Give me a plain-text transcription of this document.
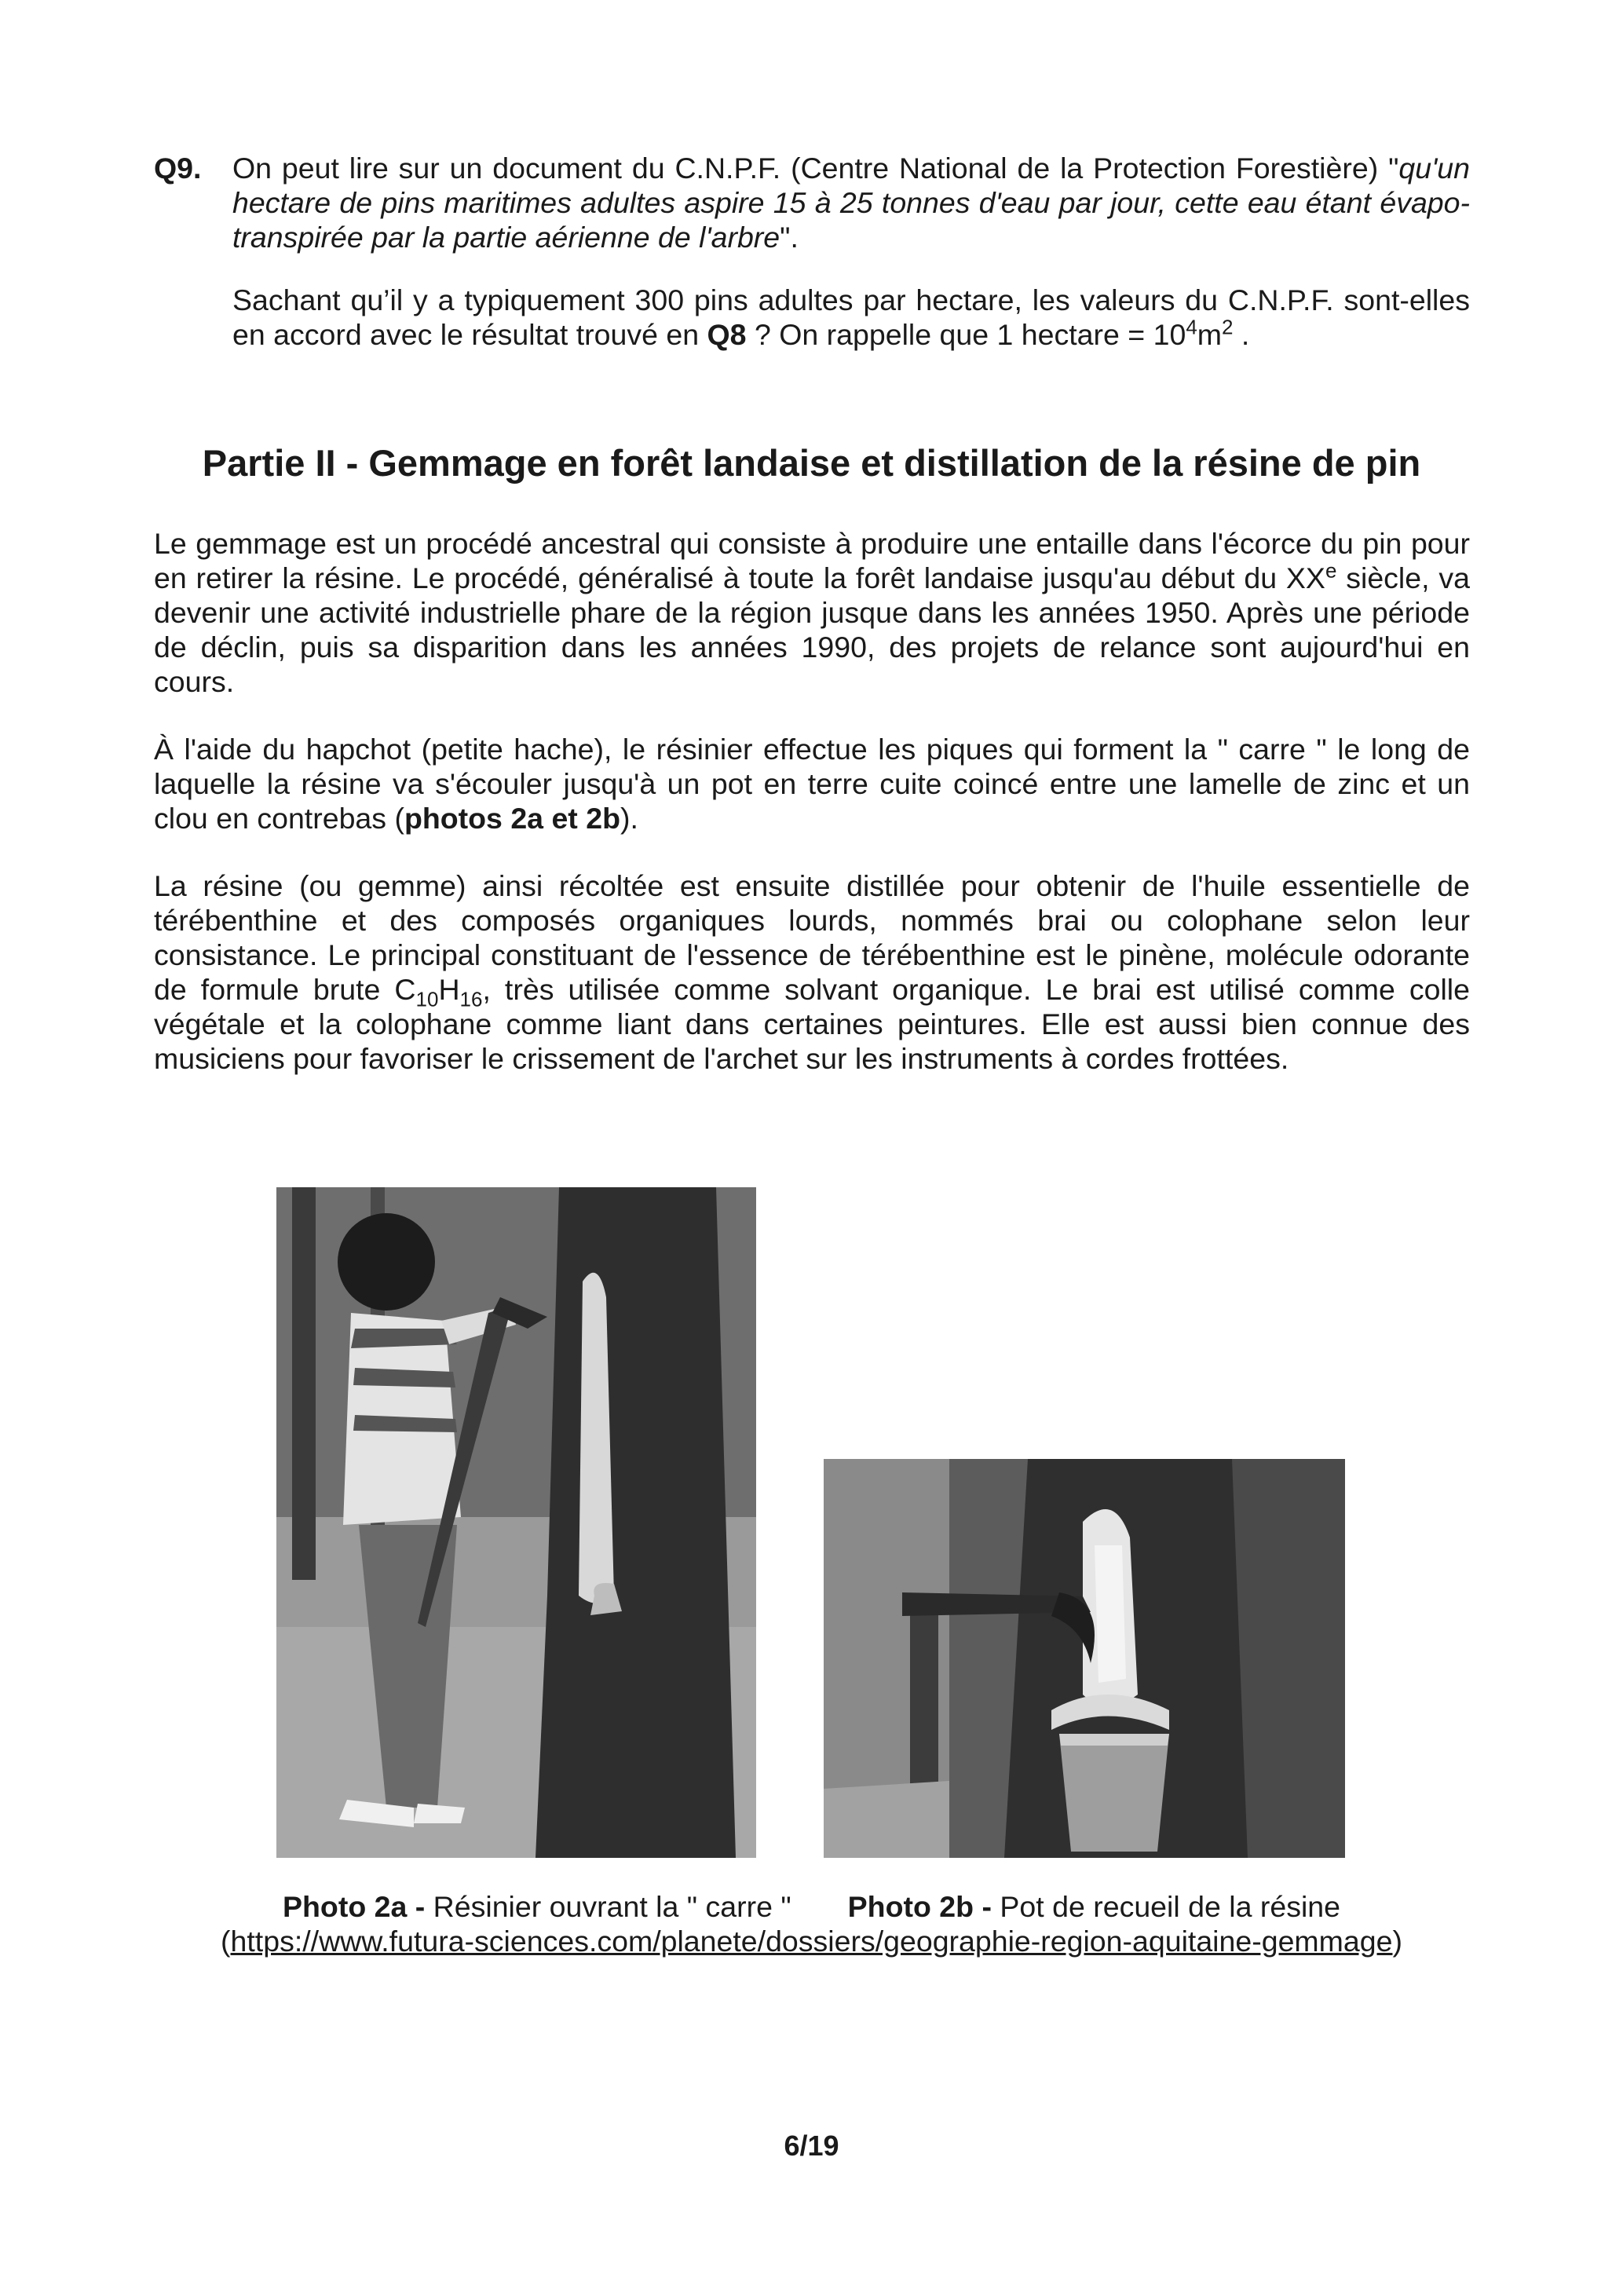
Q9. On peut lire sur un document du C.N.P.F. (Centre National de la Protection Forestière) "qu'un hectare de pins maritimes adultes aspire 15 à 25 tonnes d'eau par jour, cette eau étant évapo-transpirée par la partie aérienne de l'arbre".

Sachant qu’il y a typiquement 300 pins adultes par hectare, les valeurs du C.N.P.F. sont-elles en accord avec le résultat trouvé en Q8 ? On rappelle que 1 hectare = $10^4m^2$ .

Partie II - Gemmage en forêt landaise et distillation de la résine de pin

Le gemmage est un procédé ancestral qui consiste à produire une entaille dans l'écorce du pin pour en retirer la résine. Le procédé, généralisé à toute la forêt landaise jusqu'au début du XXe siècle, va devenir une activité industrielle phare de la région jusque dans les années 1950. Après une période de déclin, puis sa disparition dans les années 1990, des projets de relance sont aujourd'hui en cours.

À l'aide du hapchot (petite hache), le résinier effectue les piques qui forment la " carre " le long de laquelle la résine va s'écouler jusqu'à un pot en terre cuite coincé entre une lamelle de zinc et un clou en contrebas (photos 2a et 2b).

La résine (ou gemme) ainsi récoltée est ensuite distillée pour obtenir de l'huile essentielle de térébenthine et des composés organiques lourds, nommés brai ou colophane selon leur consistance. Le principal constituant de l'essence de térébenthine est le pinène, molécule odorante de formule brute $C_{10}H_{16}$, très utilisée comme solvant organique. Le brai est utilisé comme colle végétale et la colophane comme liant dans certaines peintures. Elle est aussi bien connue des musiciens pour favoriser le crissement de l'archet sur les instruments à cordes frottées.

Photo 2a - Résinier ouvrant la " carre " Photo 2b - Pot de recueil de la résine
(https://www.futura-sciences.com/planete/dossiers/geographie-region-aquitaine-gemmage)
6/19
